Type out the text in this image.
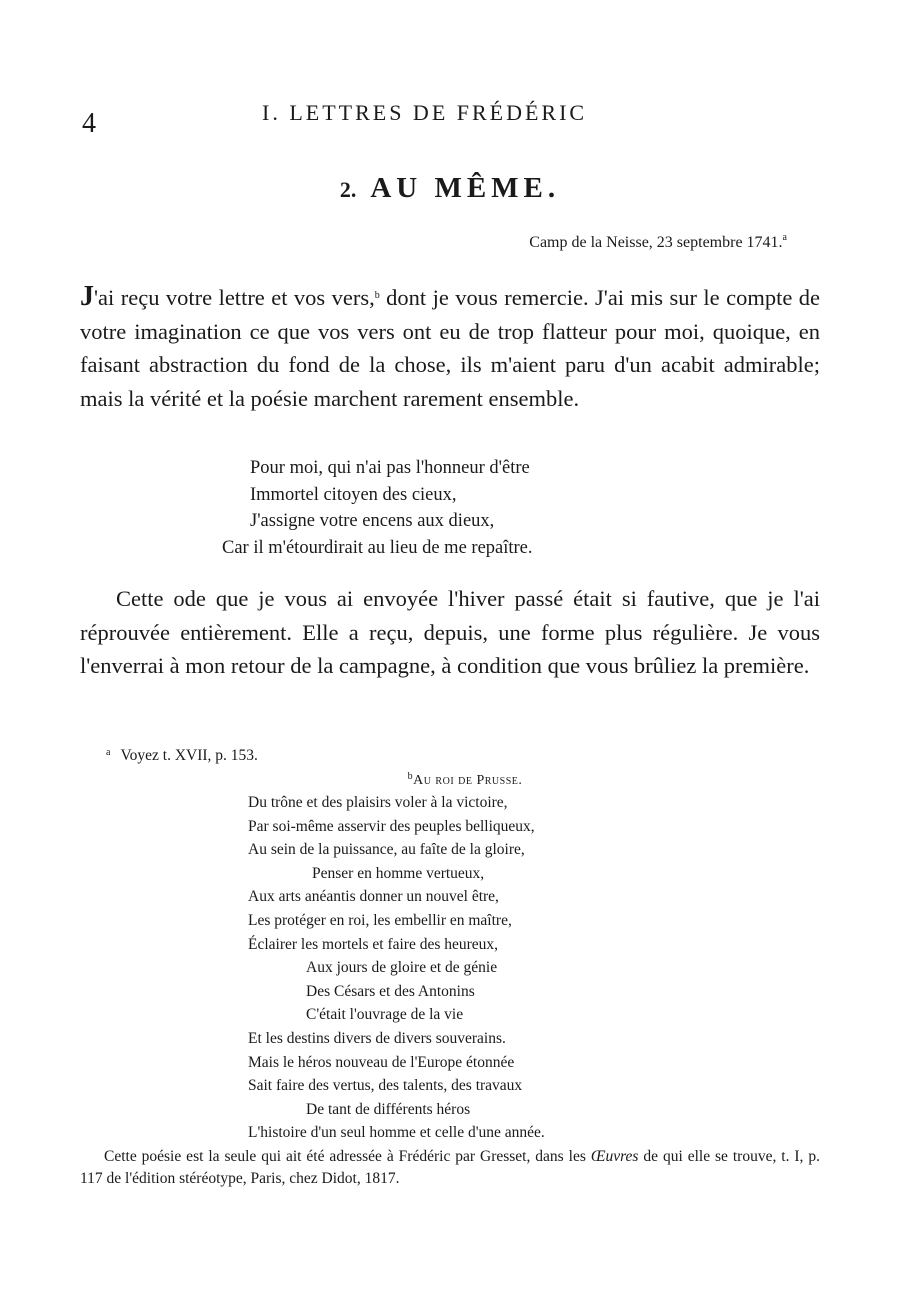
4	I. LETTRES DE FRÉDÉRIC
2. AU MÊME.
Camp de la Neisse, 23 septembre 1741.$^a$

J'ai reçu votre lettre et vos vers,$^b$ dont je vous remercie. J'ai mis sur le compte de votre imagination ce que vos vers ont eu de trop flatteur pour moi, quoique, en faisant abstraction du fond de la chose, ils m'aient paru d'un acabit admirable; mais la vérité et la poésie marchent rarement ensemble.

Pour moi, qui n'ai pas l'honneur d'être
Immortel citoyen des cieux,
J'assigne votre encens aux dieux,
Car il m'étourdirait au lieu de me repaître.

Cette ode que je vous ai envoyée l'hiver passé était si fautive, que je l'ai réprouvée entièrement. Elle a reçu, depuis, une forme plus régulière. Je vous l'enverrai à mon retour de la campagne, à condition que vous brûliez la première.

$^a$ Voyez t. XVII, p. 153.
$^b$Au roi de Prusse.
Du trône et des plaisirs voler à la victoire,
Par soi-même asservir des peuples belliqueux,
Au sein de la puissance, au faîte de la gloire,
Penser en homme vertueux,
Aux arts anéantis donner un nouvel être,
Les protéger en roi, les embellir en maître,
Éclairer les mortels et faire des heureux,
Aux jours de gloire et de génie
Des Césars et des Antonins
C'était l'ouvrage de la vie
Et les destins divers de divers souverains.
Mais le héros nouveau de l'Europe étonnée
Sait faire des vertus, des talents, des travaux
De tant de différents héros
L'histoire d'un seul homme et celle d'une année.
Cette poésie est la seule qui ait été adressée à Frédéric par Gresset, dans les Œuvres de qui elle se trouve, t. I, p. 117 de l'édition stéréotype, Paris, chez Didot, 1817.
